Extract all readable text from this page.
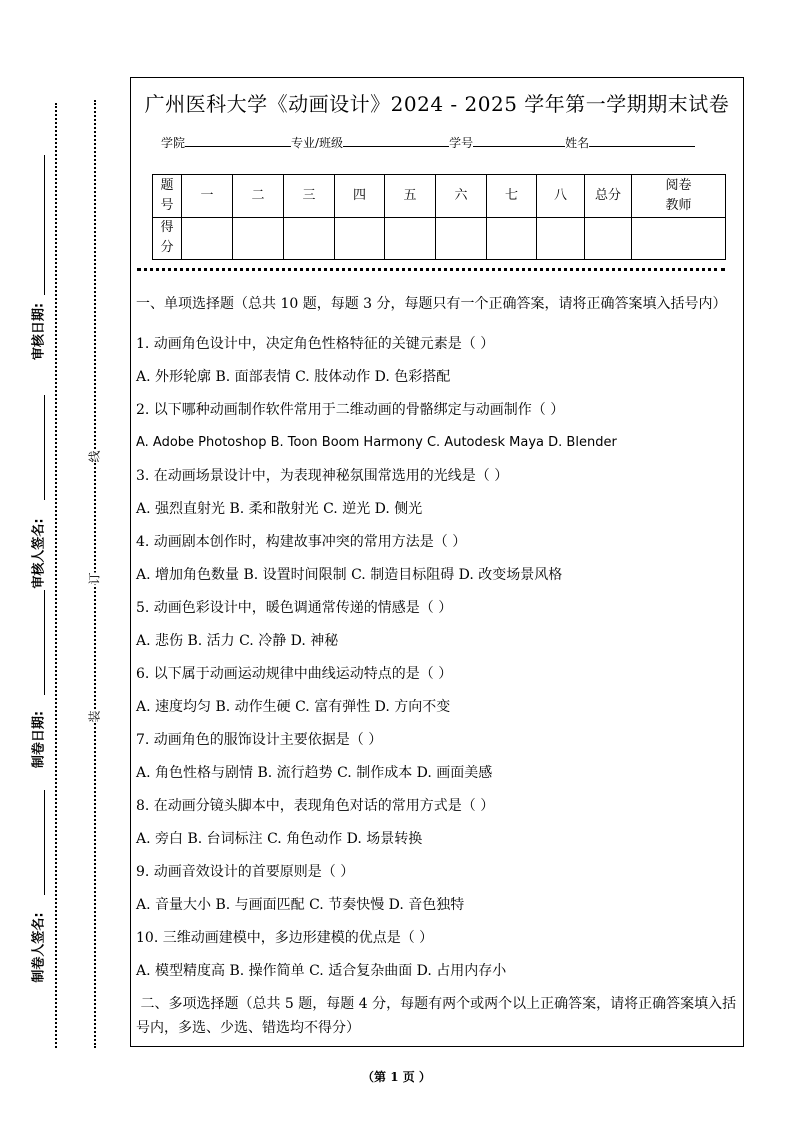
审核日期:
审核人签名:
制卷日期:
制卷人签名:
线
订
装
广州医科大学《动画设计》2024 - 2025 学年第一学期期末试卷
学院	专业/班级	学号	姓名
题号	一	二	三	四	五	六	七	八	总分	阅卷教师
得分										

一、单项选择题（总共 10 题，每题 3 分，每题只有一个正确答案，请将正确答案填入括号内）

1. 动画角色设计中，决定角色性格特征的关键元素是（ ）

A. 外形轮廓 B. 面部表情 C. 肢体动作 D. 色彩搭配

2. 以下哪种动画制作软件常用于二维动画的骨骼绑定与动画制作（ ）

A. Adobe Photoshop B. Toon Boom Harmony C. Autodesk Maya D. Blender

3. 在动画场景设计中，为表现神秘氛围常选用的光线是（ ）

A. 强烈直射光 B. 柔和散射光 C. 逆光 D. 侧光

4. 动画剧本创作时，构建故事冲突的常用方法是（ ）

A. 增加角色数量 B. 设置时间限制 C. 制造目标阻碍 D. 改变场景风格

5. 动画色彩设计中，暖色调通常传递的情感是（ ）

A. 悲伤 B. 活力 C. 冷静 D. 神秘

6. 以下属于动画运动规律中曲线运动特点的是（ ）

A. 速度均匀 B. 动作生硬 C. 富有弹性 D. 方向不变

7. 动画角色的服饰设计主要依据是（ ）

A. 角色性格与剧情 B. 流行趋势 C. 制作成本 D. 画面美感

8. 在动画分镜头脚本中，表现角色对话的常用方式是（ ）

A. 旁白 B. 台词标注 C. 角色动作 D. 场景转换

9. 动画音效设计的首要原则是（ ）

A. 音量大小 B. 与画面匹配 C. 节奏快慢 D. 音色独特

10. 三维动画建模中，多边形建模的优点是（ ）

A. 模型精度高 B. 操作简单 C. 适合复杂曲面 D. 占用内存小

二、多项选择题（总共 5 题，每题 4 分，每题有两个或两个以上正确答案，请将正确答案填入括号内，多选、少选、错选均不得分）

（第 1 页 ）
